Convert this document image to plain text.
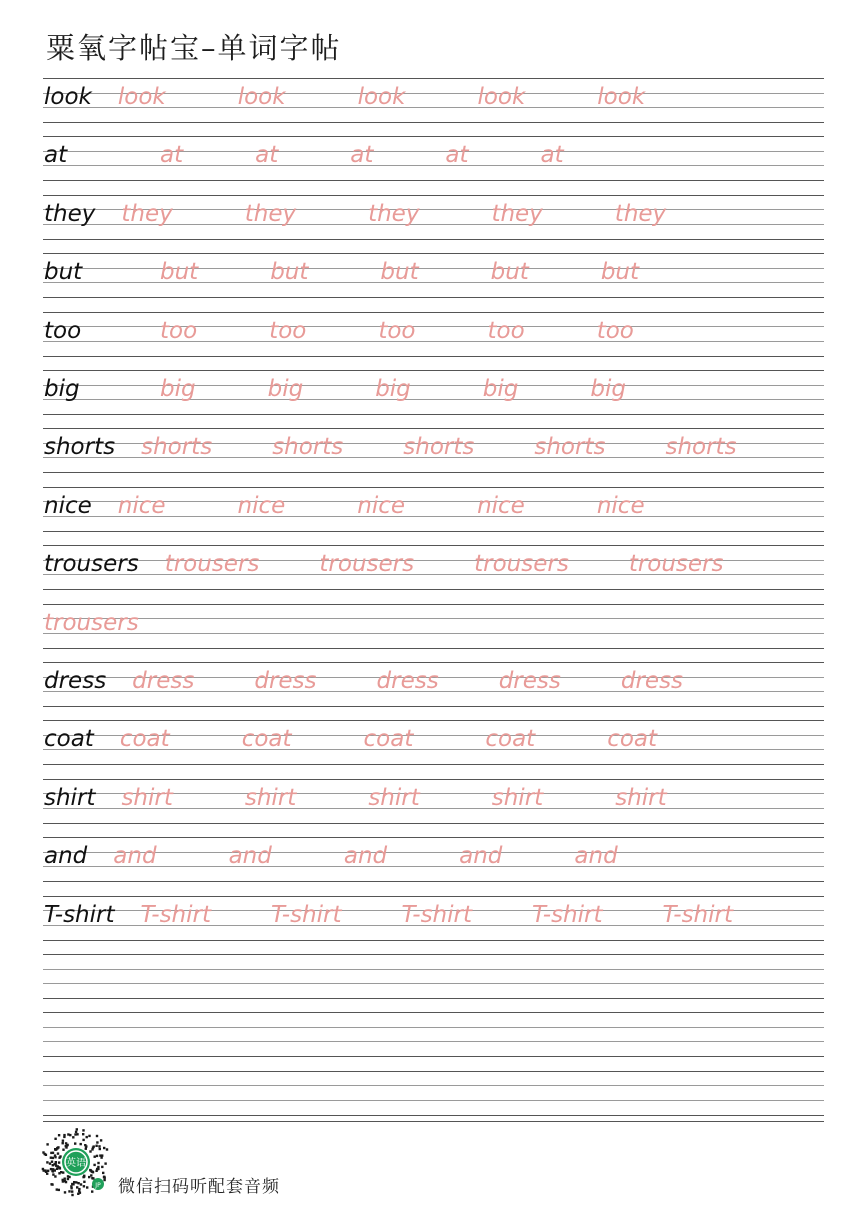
粟氧字帖宝–单词字帖
look look	look	look	look	look
at	at	at	at	at	at
they they	they	they	they	they
but	but	but	but	but	but
too	too	too	too	too	too
big	big	big	big	big	big
shorts shorts	shorts	shorts	shorts	shorts
nice nice	nice	nice	nice	nice
trousers trousers	trousers	trousers	trousers
trousers
dress dress	dress	dress	dress	dress
coat coat	coat	coat	coat	coat
shirt shirt	shirt	shirt	shirt	shirt
and and	and	and	and	and
T-shirt T-shirt	T-shirt	T-shirt	T-shirt	T-shirt
英语
JP 微信扫码听配套音频
